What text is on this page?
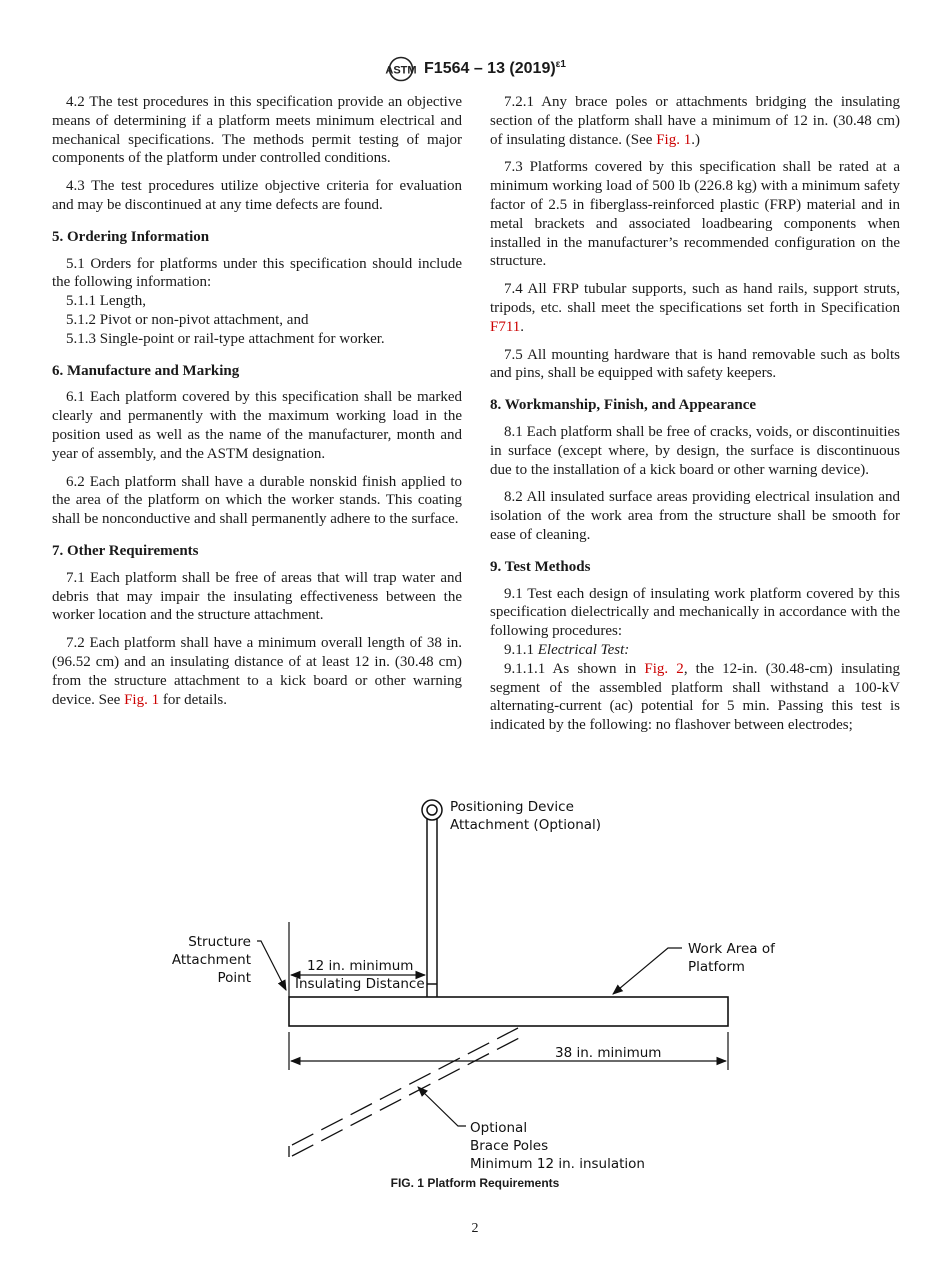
ASTM F1564 – 13 $(2019)^{\varepsilon 1}$

4.2 The test procedures in this specification provide an objective means of determining if a platform meets minimum electrical and mechanical specifications. The methods permit testing of major components of the platform under controlled conditions.

4.3 The test procedures utilize objective criteria for evaluation and may be discontinued at any time defects are found.

5. Ordering Information

5.1 Orders for platforms under this specification should include the following information:

5.1.1 Length,

5.1.2 Pivot or non-pivot attachment, and

5.1.3 Single-point or rail-type attachment for worker.

6. Manufacture and Marking

6.1 Each platform covered by this specification shall be marked clearly and permanently with the maximum working load in the position used as well as the name of the manufacturer, month and year of assembly, and the ASTM designation.

6.2 Each platform shall have a durable nonskid finish applied to the area of the platform on which the worker stands. This coating shall be nonconductive and shall permanently adhere to the surface.

7. Other Requirements

7.1 Each platform shall be free of areas that will trap water and debris that may impair the insulating effectiveness between the worker location and the structure attachment.

7.2 Each platform shall have a minimum overall length of 38 in. (96.52 cm) and an insulating distance of at least 12 in. (30.48 cm) from the structure attachment to a kick board or other warning device. See Fig. 1 for details.

7.2.1 Any brace poles or attachments bridging the insulating section of the platform shall have a minimum of 12 in. (30.48 cm) of insulating distance. (See Fig. 1.)

7.3 Platforms covered by this specification shall be rated at a minimum working load of 500 lb (226.8 kg) with a minimum safety factor of 2.5 in fiberglass-reinforced plastic (FRP) material and in metal brackets and associated loadbearing components when installed in the manufacturer’s recommended configuration on the structure.

7.4 All FRP tubular supports, such as hand rails, support struts, tripods, etc. shall meet the specifications set forth in Specification F711.

7.5 All mounting hardware that is hand removable such as bolts and pins, shall be equipped with safety keepers.

8. Workmanship, Finish, and Appearance

8.1 Each platform shall be free of cracks, voids, or discontinuities in surface (except where, by design, the surface is discontinuous due to the installation of a kick board or other warning device).

8.2 All insulated surface areas providing electrical insulation and isolation of the work area from the structure shall be smooth for ease of cleaning.

9. Test Methods

9.1 Test each design of insulating work platform covered by this specification dielectrically and mechanically in accordance with the following procedures:

9.1.1 Electrical Test:

9.1.1.1 As shown in Fig. 2, the 12-in. (30.48-cm) insulating segment of the assembled platform shall withstand a 100-kV alternating-current (ac) potential for 5 min. Passing this test is indicated by the following: no flashover between electrodes;

Positioning Device
Attachment (Optional)
Structure
Attachment
Point
12 in. minimum
Insulating Distance
Work Area of
Platform
38 in. minimum
Optional
Brace Poles
Minimum 12 in. insulation
FIG. 1 Platform Requirements
2
